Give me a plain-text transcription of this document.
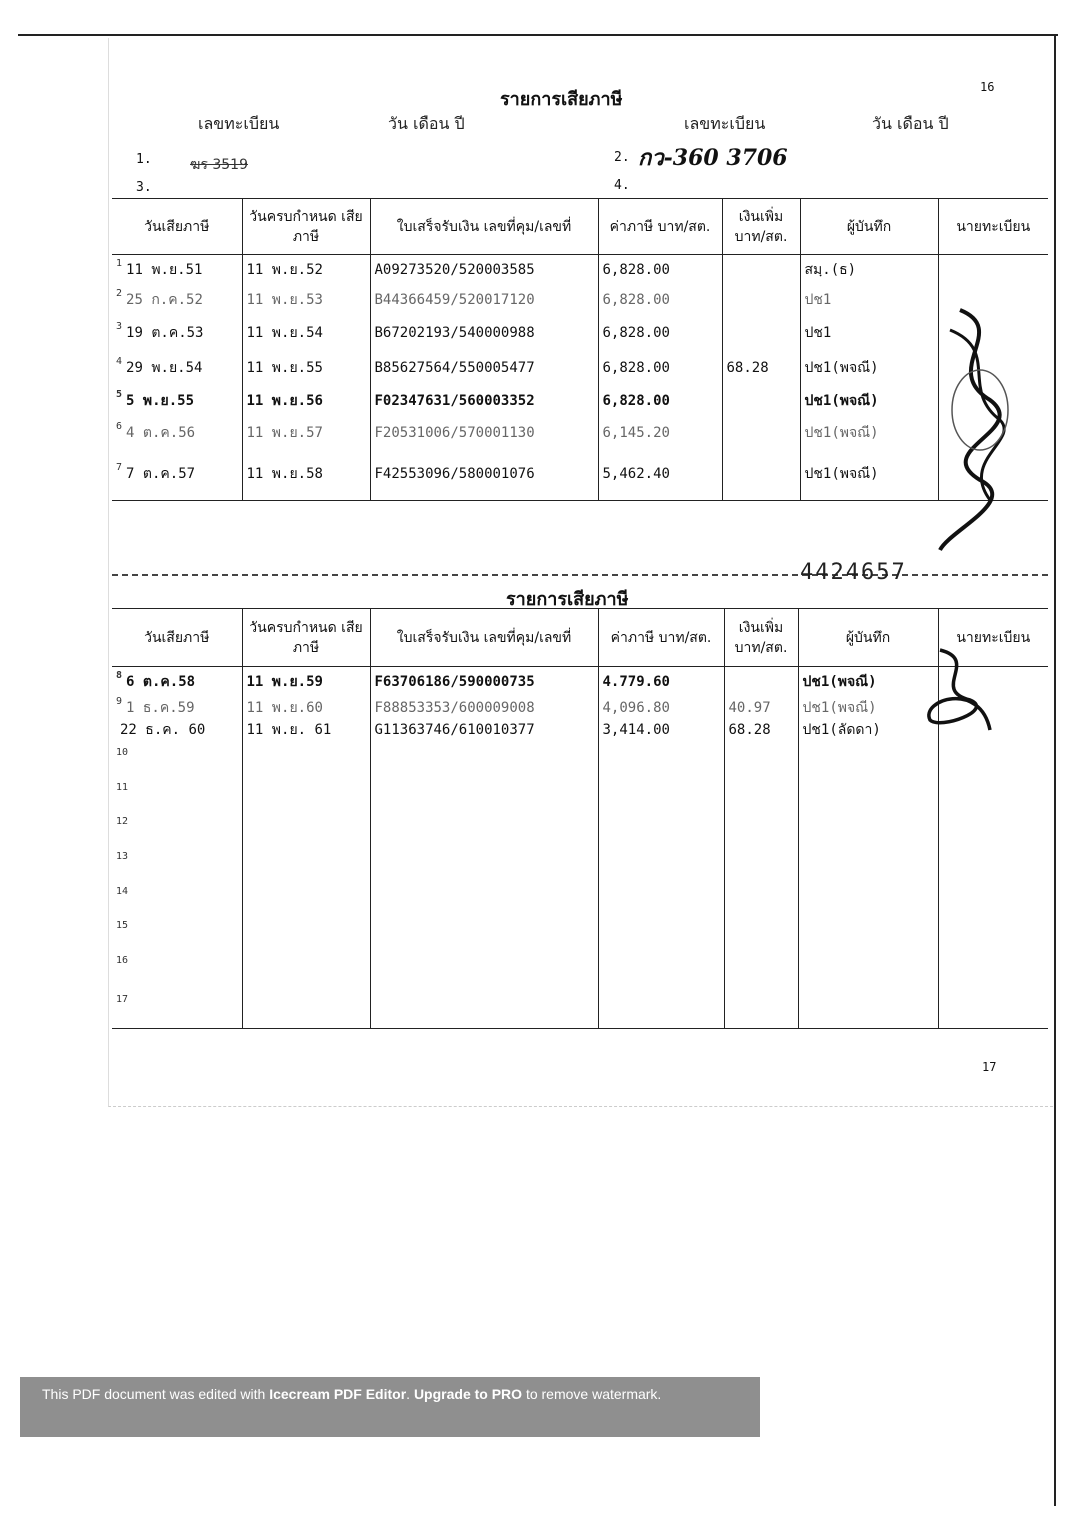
รายการเสียภาษี
16
เลขทะเบียน	วัน เดือน ปี	เลขทะเบียน	วัน เดือน ปี
1.	ฆร 3519	2. กว-360 3706
3.	4.
วันเสียภาษี	วันครบกำหนด เสียภาษี	ใบเสร็จรับเงิน เลขที่คุม/เลขที่	ค่าภาษี บาท/สต.	เงินเพิ่ม บาท/สต.	ผู้บันทึก	นายทะเบียน
$^1$ 11 พ.ย.51	11 พ.ย.52	A09273520/520003585	6,828.00		สมฺ.(ธ)	
$^2$ 25 ก.ค.52	11 พ.ย.53	B44366459/520017120	6,828.00		ปช1	
$^3$ 19 ต.ค.53	11 พ.ย.54	B67202193/540000988	6,828.00		ปช1	
$^4$ 29 พ.ย.54	11 พ.ย.55	B85627564/550005477	6,828.00	68.28	ปช1(พจณี)	
$^5$ 5 พ.ย.55	11 พ.ย.56	F02347631/560003352	6,828.00		ปช1(พจณี)	
$^6$ 4 ต.ค.56	11 พ.ย.57	F20531006/570001130	6,145.20		ปช1(พจณี)	
$^7$ 7 ต.ค.57	11 พ.ย.58	F42553096/580001076	5,462.40		ปช1(พจณี)	
4424657
รายการเสียภาษี
วันเสียภาษี	วันครบกำหนด เสียภาษี	ใบเสร็จรับเงิน เลขที่คุม/เลขที่	ค่าภาษี บาท/สต.	เงินเพิ่ม บาท/สต.	ผู้บันทึก	นายทะเบียน
$^8$ 6 ต.ค.58	11 พ.ย.59	F63706186/590000735	4.779.60		ปช1(พจณี)	
$^9$ 1 ธ.ค.59	11 พ.ย.60	F88853353/600009008	4,096.80	40.97	ปช1(พจณี)	
22 ธ.ค. 60	11 พ.ย. 61	G11363746/610010377	3,414.00	68.28	ปช1(ลัดดา)	
$^{10}$						
$^{11}$						
$^{12}$						
$^{13}$						
$^{14}$						
$^{15}$						
$^{16}$						
$^{17}$						
17
This PDF document was edited with Icecream PDF Editor. Upgrade to PRO to remove watermark.
